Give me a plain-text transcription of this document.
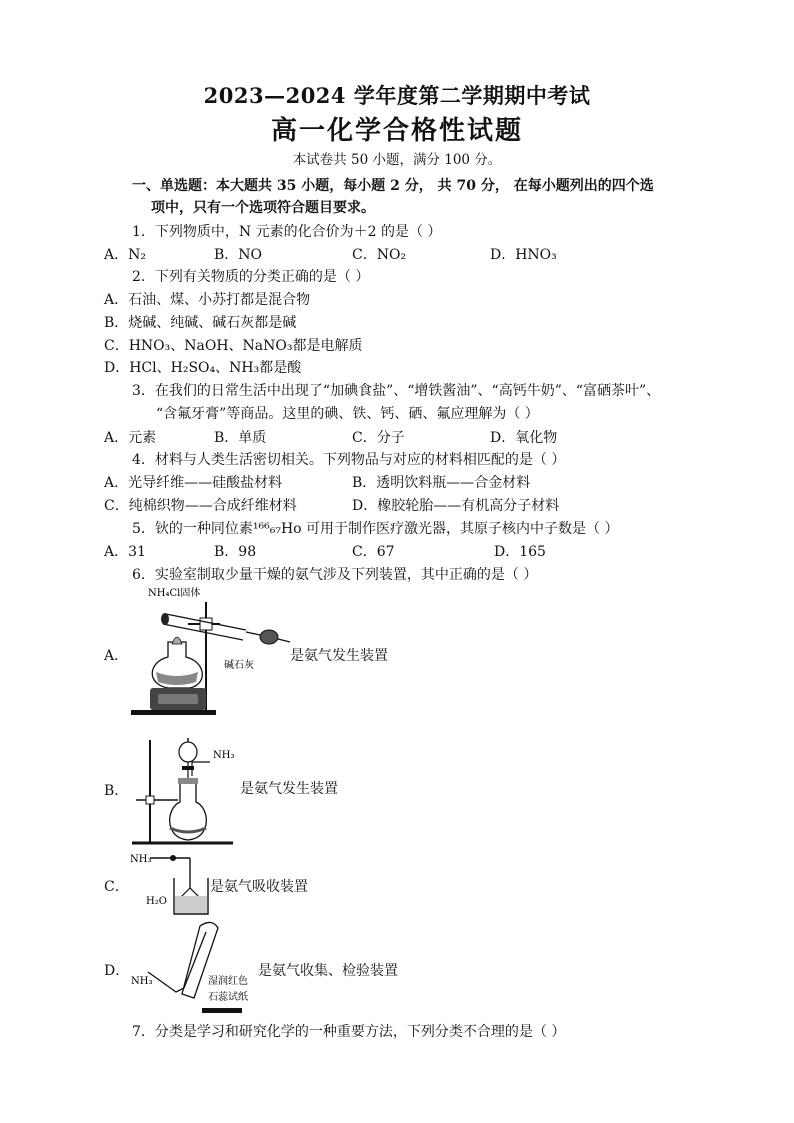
2023—2024 学年度第二学期期中考试
高一化学合格性试题
本试卷共 50 小题，满分 100 分。
一、单选题：本大题共 35 小题，每小题 2 分， 共 70 分， 在每小题列出的四个选
项中，只有一个选项符合题目要求。
1．下列物质中，N 元素的化合价为＋2 的是（ ）
A．N₂	B．NO	C．NO₂	D．HNO₃
2．下列有关物质的分类正确的是（ ）
A．石油、煤、小苏打都是混合物
B．烧碱、纯碱、碱石灰都是碱
C．HNO₃、NaOH、NaNO₃都是电解质
D．HCl、H₂SO₄、NH₃都是酸
3．在我们的日常生活中出现了“加碘食盐”、“增铁酱油”、“高钙牛奶”、“富硒茶叶”、
“含氟牙膏”等商品。这里的碘、铁、钙、硒、氟应理解为（ ）
A．元素	B．单质	C．分子	D．氧化物
4．材料与人类生活密切相关。下列物品与对应的材料相匹配的是（ ）
A．光导纤维——硅酸盐材料	B．透明饮料瓶——合金材料
C．纯棉织物——合成纤维材料	D．橡胶轮胎——有机高分子材料
5．钬的一种同位素¹⁶⁶₆₇Ho 可用于制作医疗激光器，其原子核内中子数是（ ）
A．31	B．98	C．67	D．165
6．实验室制取少量干燥的氨气涉及下列装置，其中正确的是（ ）
A．
NH₄Cl固体
碱石灰
是氨气发生装置
B．
NH₃
是氨气发生装置
C．
NH₃
H₂O
是氨气吸收装置
D．
NH₃	湿润红色
石蕊试纸
是氨气收集、检验装置
7．分类是学习和研究化学的一种重要方法，下列分类不合理的是（ ）
